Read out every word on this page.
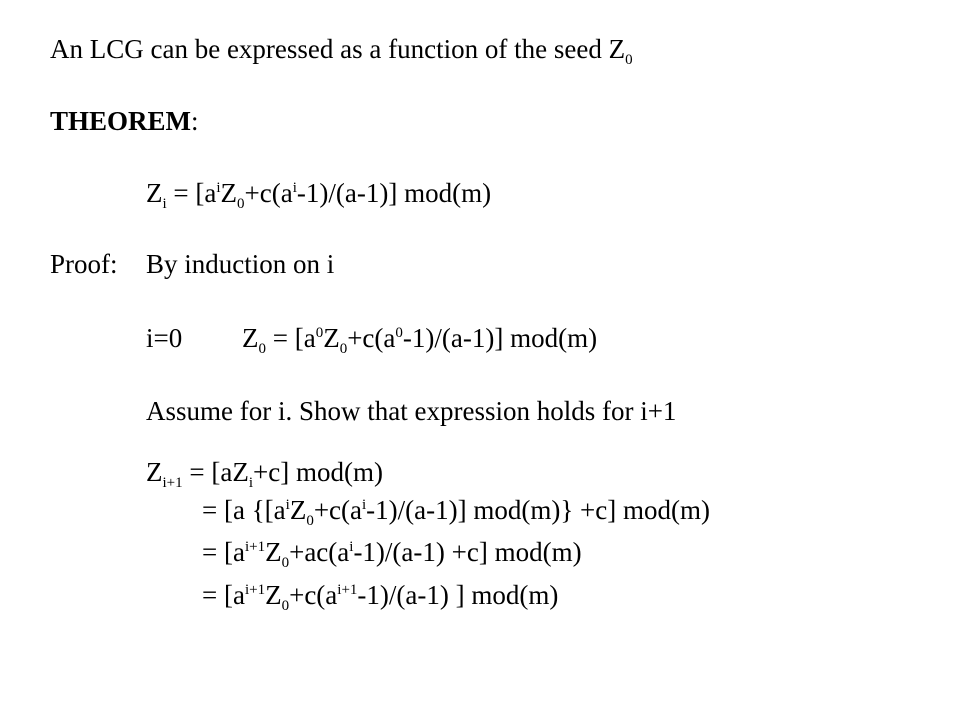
An LCG can be expressed as a function of the seed $Z_0$
THEOREM:
$Z_i = [a^iZ_0+c(a^i-1)/(a-1)]$ mod(m)
Proof: By induction on i
i=0 $Z_0 = [a^0Z_0+c(a^0-1)/(a-1)]$ mod(m)
Assume for i. Show that expression holds for i+1
$Z_{i+1} = [aZ_i+c]$ mod(m)
= [a {$[a^iZ_0+c(a^i-1)/(a-1)]$ mod(m)} +c] mod(m)
= $[a^{i+1}Z_0+ac(a^i-1)/(a-1) +c]$ mod(m)
= [$a^{i+1}Z_0+c(a^{i+1}-1)/(a-1)$ ] mod(m)
